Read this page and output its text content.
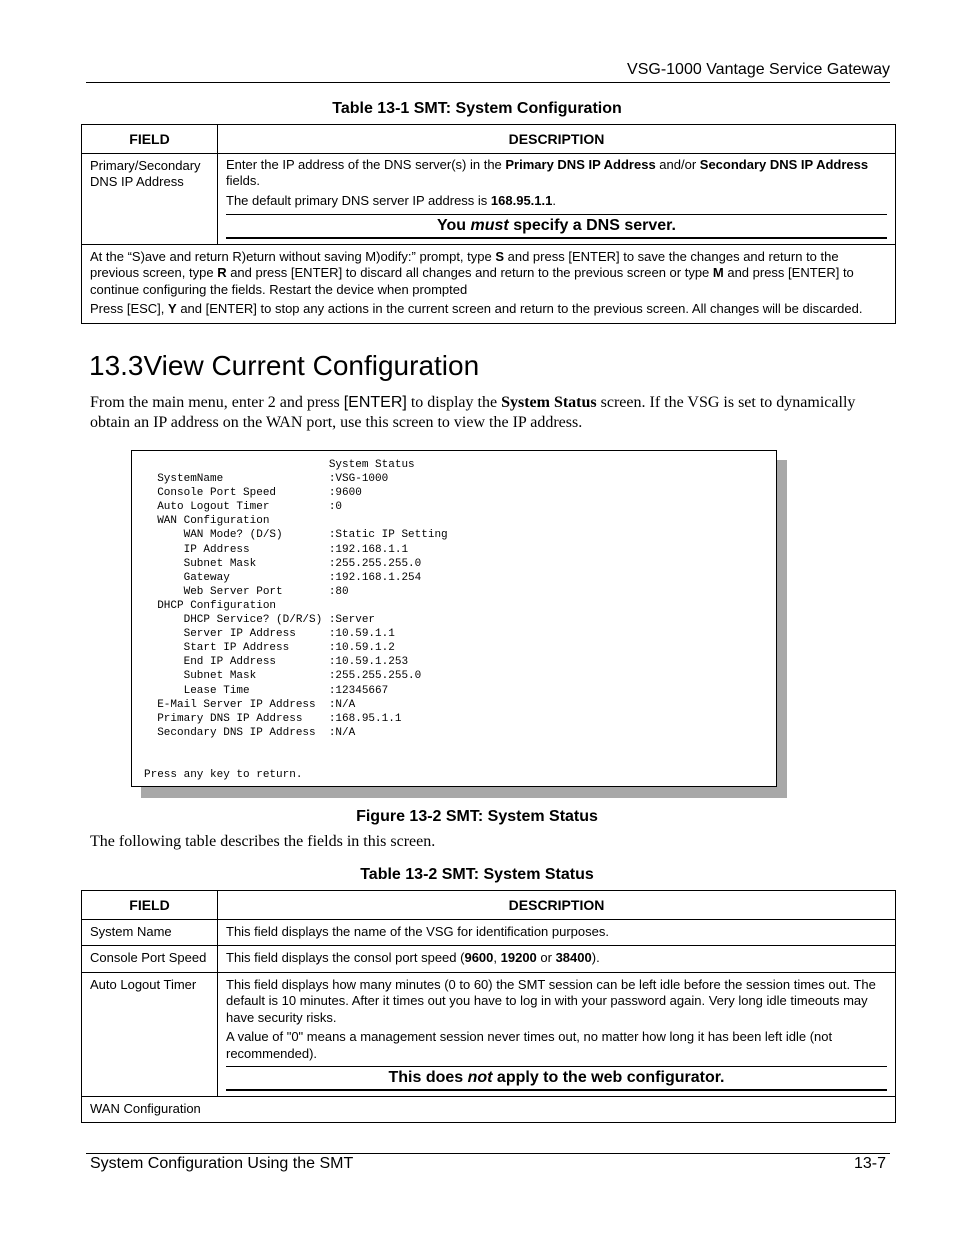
VSG-1000 Vantage Service Gateway
Table 13-1 SMT: System Configuration
FIELD	DESCRIPTION
Primary/Secondary DNS IP Address	Enter the IP address of the DNS server(s) in the Primary DNS IP Address and/or Secondary DNS IP Address fields.

The default primary DNS server IP address is 168.95.1.1.

You must specify a DNS server.

At the “S)ave and return R)eturn without saving M)odify:” prompt, type S and press [ENTER] to save the changes and return to the previous screen, type R and press [ENTER] to discard all changes and return to the previous screen or type M and press [ENTER] to continue configuring the fields. Restart the device when prompted

Press [ESC], Y and [ENTER] to stop any actions in the current screen and return to the previous screen. All changes will be discarded.	

13.3View Current Configuration
From the main menu, enter 2 and press [ENTER] to display the System Status screen. If the VSG is set to dynamically obtain an IP address on the WAN port, use this screen to view the IP address.
System Status
SystemName                :VSG-1000
Console Port Speed        :9600
Auto Logout Timer         :0
WAN Configuration
WAN Mode? (D/S)       :Static IP Setting
IP Address            :192.168.1.1
Subnet Mask           :255.255.255.0
Gateway               :192.168.1.254
Web Server Port       :80
DHCP Configuration
DHCP Service? (D/R/S) :Server
Server IP Address     :10.59.1.1
Start IP Address      :10.59.1.2
End IP Address        :10.59.1.253
Subnet Mask           :255.255.255.0
Lease Time            :12345667
E-Mail Server IP Address  :N/A
Primary DNS IP Address    :168.95.1.1
Secondary DNS IP Address  :N/A

Press any key to return.
Figure 13-2 SMT: System Status
The following table describes the fields in this screen.
Table 13-2 SMT: System Status
FIELD	DESCRIPTION
System Name	This field displays the name of the VSG for identification purposes.
Console Port Speed	This field displays the consol port speed (9600, 19200 or 38400).
Auto Logout Timer	This field displays how many minutes (0 to 60) the SMT session can be left idle before the session times out. The default is 10 minutes. After it times out you have to log in with your password again. Very long idle timeouts may have security risks.

A value of "0" means a management session never times out, no matter how long it has been left idle (not recommended).

This does not apply to the web configurator.

WAN Configuration	
System Configuration Using the SMT	13-7
